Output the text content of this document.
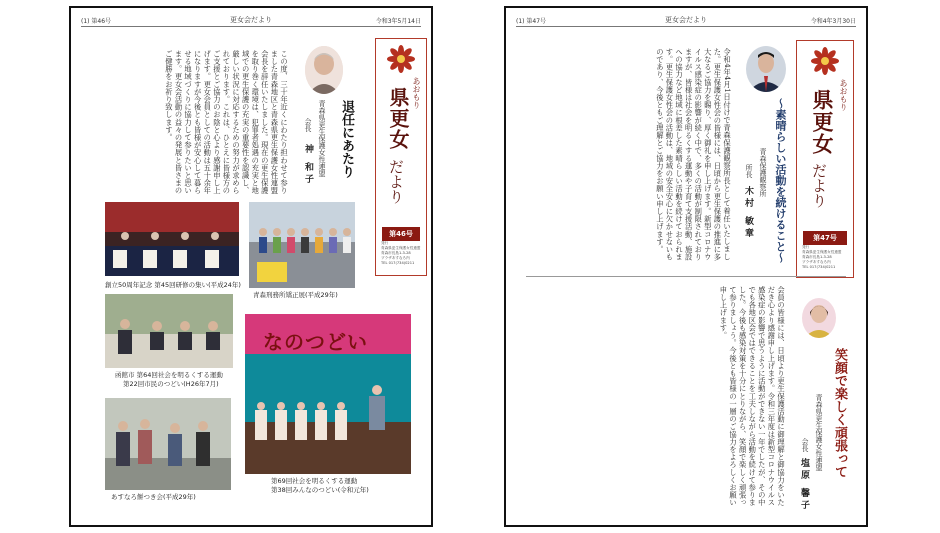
(1) 第46号	更女会だより	令和3年5月14日
あおもり
県更女
だより
第46号
発行
青森県更生保護女性連盟
青森市長島1-3-28
プラザあすなろ内
TEL 017(734)0211
退任にあたり
青森県更生保護女性連盟
会長
神 和子
この度、三十年近くにわたり担わせて参りました青森地区と青森県更生保護女性連盟会長を辞任いたしました。現在の更生保護を取り巻く環境は、犯罪者処遇の充実と地域での更生保護の充実の重要性を認識し、厳しい状況に対応するための努力が求められております。これは、ひとえに皆様方のご支援とご協力のお陰と心より感謝申し上げます。更女会員としての活動は五十余年になりますが今後とも皆様が安心して暮らせる地域づくりに協力して参りたいと思います。更女会活動の益々の発展と皆さまのご健勝をお祈り致します。
創立50周年記念 第45回研修の集い(平成24年)
青森刑務所矯正展(平成29年)
函館市 第64回社会を明るくする運動
第22回市民のつどい(H26年7月)
なのつどい
第69回社会を明るくする運動
第38回みんなのつどい(令和元年)
あすなろ餅つき会(平成29年)
(1) 第47号	更女会だより	令和4年3月30日
あおもり
県更女
だより
第47号
発行
青森県更生保護女性連盟
青森市長島1-3-28
プラザあすなろ内
TEL 017(734)0211
〜素晴らしい活動を続けること〜
青森保護観察所
所長
木村 敏章
令和4年4月1日付けで青森保護観察所長として着任いたしました。更生保護女性会の皆様には、日頃から更生保護の推進に多大なるご協力を賜り、厚く御礼を申し上げます。新型コロナウイルス感染症の影響が続く中で、多くの活動が制限されておりますが、皆様は社会を明るくする運動や子育て支援活動、施設への協力など地域に根差した素晴らしい活動を続けておられます。更生保護女性会の活動は、地域の安全安心に欠かせないものであり、今後ともご理解とご協力をお願い申し上げます。
笑顔で楽しく頑張って
青森県更生保護女性連盟
会長
塩原 馨子
会員の皆様には、日頃より更生保護活動に御理解と御協力をいただき心より感謝申し上げます。令和三年度は新型コロナウイルス感染症の影響で思うように活動ができない一年でしたが、その中でも各地区会ではできることを工夫しながら活動を続けて参りました。今後も感染対策を十分にとりながら、笑顔で楽しく頑張って参りましょう。今後とも皆様の一層のご協力をよろしくお願い申し上げます。
